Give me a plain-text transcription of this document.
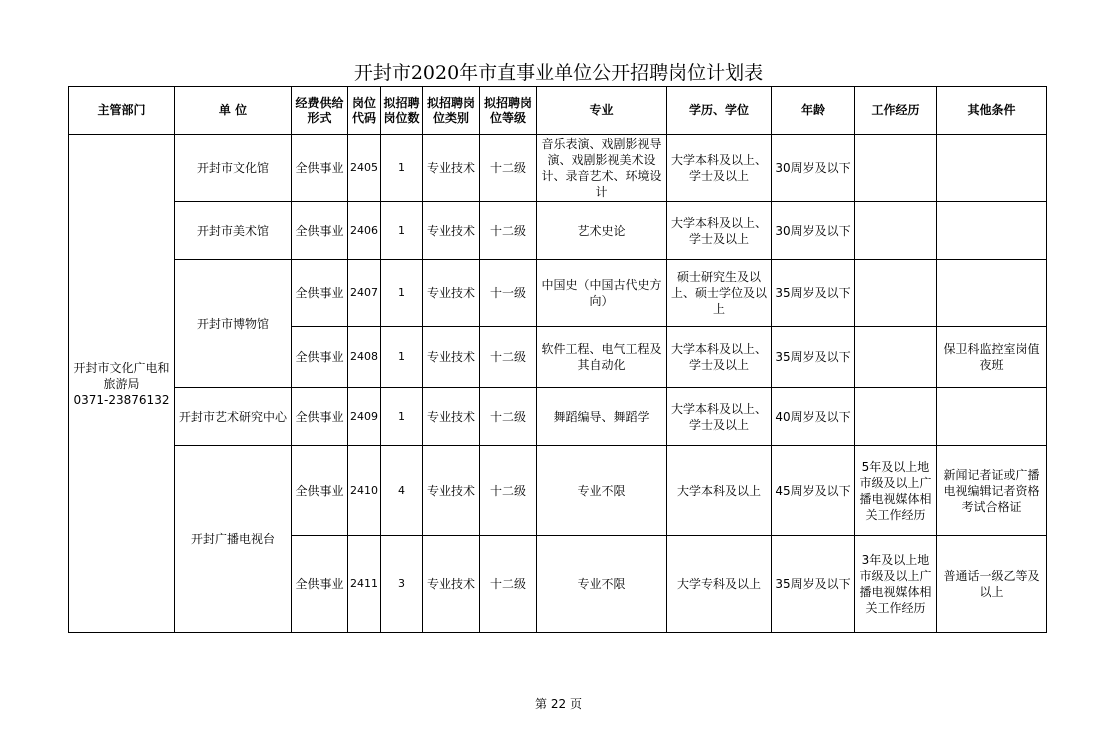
开封市2020年市直事业单位公开招聘岗位计划表
主管部门	单 位	经费供给形式	岗位代码	拟招聘岗位数	拟招聘岗位类别	拟招聘岗位等级	专业	学历、学位	年龄	工作经历	其他条件

开封市文化广电和旅游局
0371-23876132	开封市文化馆	全供事业	2405	1	专业技术	十二级	音乐表演、戏剧影视导演、戏剧影视美术设计、录音艺术、环境设计	大学本科及以上、学士及以上	30周岁及以下		
	开封市美术馆	全供事业	2406	1	专业技术	十二级	艺术史论	大学本科及以上、学士及以上	30周岁及以下		
	开封市博物馆	全供事业	2407	1	专业技术	十一级	中国史（中国古代史方向）	硕士研究生及以上、硕士学位及以上	35周岁及以下		
		全供事业	2408	1	专业技术	十二级	软件工程、电气工程及其自动化	大学本科及以上、学士及以上	35周岁及以下		保卫科监控室岗值夜班
	开封市艺术研究中心	全供事业	2409	1	专业技术	十二级	舞蹈编导、舞蹈学	大学本科及以上、学士及以上	40周岁及以下		
	开封广播电视台	全供事业	2410	4	专业技术	十二级	专业不限	大学本科及以上	45周岁及以下	5年及以上地市级及以上广播电视媒体相关工作经历	新闻记者证或广播电视编辑记者资格考试合格证
		全供事业	2411	3	专业技术	十二级	专业不限	大学专科及以上	35周岁及以下	3年及以上地市级及以上广播电视媒体相关工作经历	普通话一级乙等及以上
第 22 页
